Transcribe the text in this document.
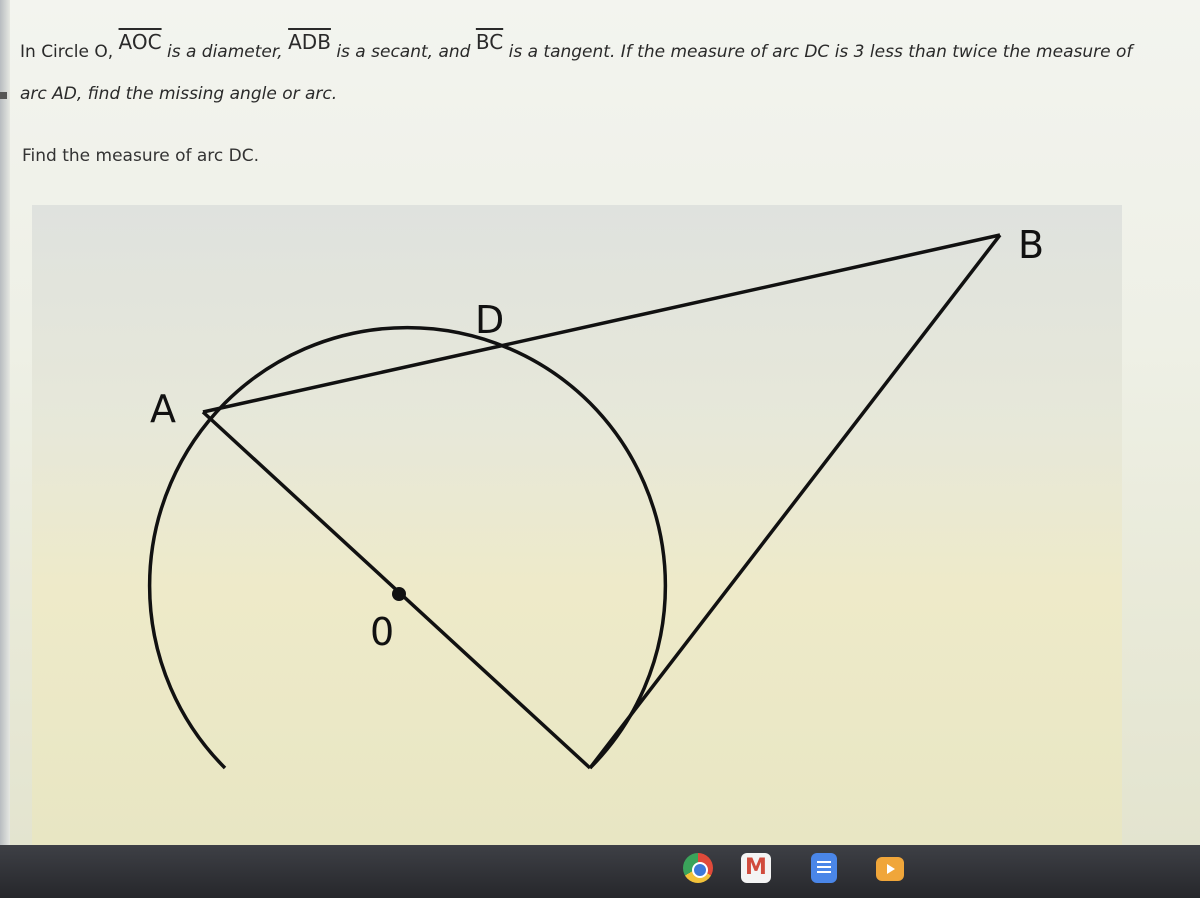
In Circle O, $\overline{AOC}$ is a diameter, $\overline{ADB}$ is a secant, and $\overline{BC}$ is a tangent. If the measure of arc DC is 3 less than twice the measure of
arc AD, find the missing angle or arc.
Find the measure of arc DC.
A
B
D
0
M
